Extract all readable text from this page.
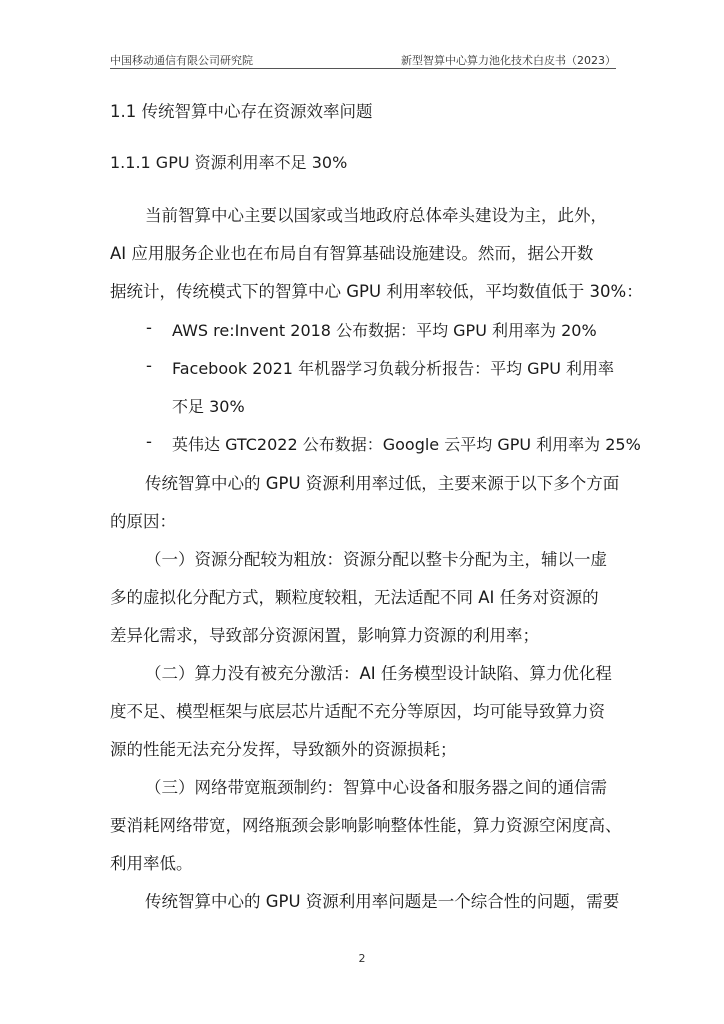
中国移动通信有限公司研究院	新型智算中心算力池化技术白皮书（2023）
1.1 传统智算中心存在资源效率问题
1.1.1 GPU 资源利用率不足 30%
当前智算中心主要以国家或当地政府总体牵头建设为主，此外，
AI 应用服务企业也在布局自有智算基础设施建设。然而，据公开数
据统计，传统模式下的智算中心 GPU 利用率较低，平均数值低于 30%：
- AWS re:Invent 2018 公布数据：平均 GPU 利用率为 20%
- Facebook 2021 年机器学习负载分析报告：平均 GPU 利用率
不足 30%
- 英伟达 GTC2022 公布数据：Google 云平均 GPU 利用率为 25%
传统智算中心的 GPU 资源利用率过低，主要来源于以下多个方面
的原因：
（一）资源分配较为粗放：资源分配以整卡分配为主，辅以一虚
多的虚拟化分配方式，颗粒度较粗，无法适配不同 AI 任务对资源的
差异化需求，导致部分资源闲置，影响算力资源的利用率；
（二）算力没有被充分激活：AI 任务模型设计缺陷、算力优化程
度不足、模型框架与底层芯片适配不充分等原因，均可能导致算力资
源的性能无法充分发挥，导致额外的资源损耗；
（三）网络带宽瓶颈制约：智算中心设备和服务器之间的通信需
要消耗网络带宽，网络瓶颈会影响影响整体性能，算力资源空闲度高、
利用率低。
传统智算中心的 GPU 资源利用率问题是一个综合性的问题，需要
2
